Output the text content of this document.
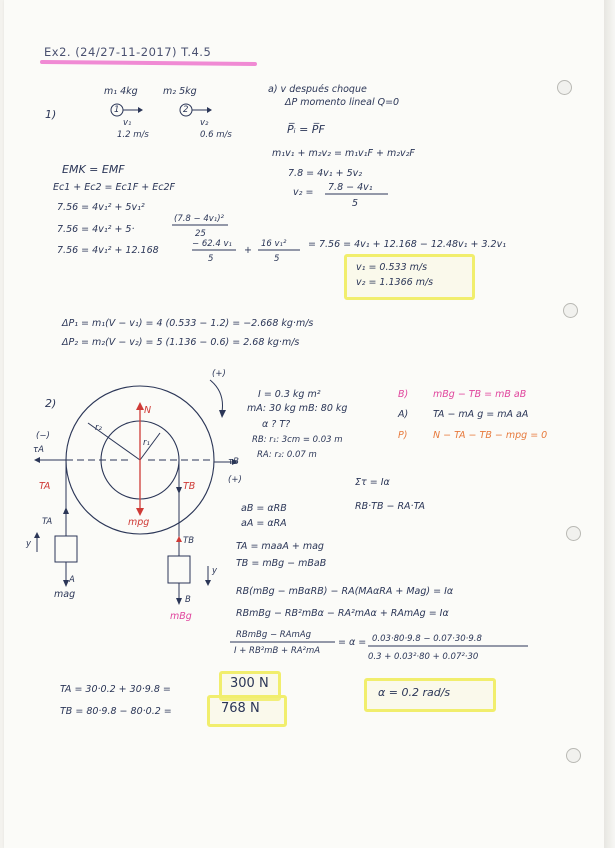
Ex2. (24/27-11-2017) T.4.5
1)
m₁ 4kg	m₂ 5kg
1	2
v₁
1.2 m/s
v₂
0.6 m/s
a) v después choque
ΔP momento lineal Q=0
P̅ᵢ = P̅F
m₁v₁ + m₂v₂ = m₁v₁F + m₂v₂F
7.8 = 4v₁ + 5v₂
v₂ = 7.8 − 4v₁
5
EMK = EMF
Ec1 + Ec2 = Ec1F + Ec2F
7.56 = 4v₁² + 5v₁²
7.56 = 4v₁² + 5·
(7.8 − 4v₁)²
25
7.56 = 4v₁² + 12.168
− 62.4 v₁
5
+
16 v₁²
5
= 7.56 = 4v₁ + 12.168 − 12.48v₁ + 3.2v₁
v₁ = 0.533 m/s
v₂ = 1.1366 m/s
ΔP₁ = m₁(V − v₁) = 4 (0.533 − 1.2) = −2.668 kg·m/s
ΔP₂ = m₂(V − v₂) = 5 (1.136 − 0.6) = 2.68 kg·m/s
2)
(+)
(−)
(+)
r₂
r₁
τA
τB
N
mpg
TA	TB
TA
TB
A
B
y
y
mag
mBg
I = 0.3 kg m²
mA: 30 kg mB: 80 kg
α ? T?
RB: r₁: 3cm = 0.03 m
RA: r₂: 0.07 m
B)	mBg − TB = mB aB
A)	TA − mA g = mA aA
P)	N − TA − TB − mpg = 0
Στ = Iα
RB·TB − RA·TA
aB = αRB
aA = αRA
TA = maaA + mag
TB = mBg − mBaB
RB(mBg − mBαRB) − RA(MAαRA + Mag) = Iα
RBmBg − RB²mBα − RA²mAα + RAmAg = Iα
RBmBg − RAmAg
I + RB²mB + RA²mA
= α = 0.03·80·9.8 − 0.07·30·9.8
0.3 + 0.03²·80 + 0.07²·30
TA = 30·0.2 + 30·9.8 =	300 N
TB = 80·9.8 − 80·0.2 =	768 N
α = 0.2 rad/s
